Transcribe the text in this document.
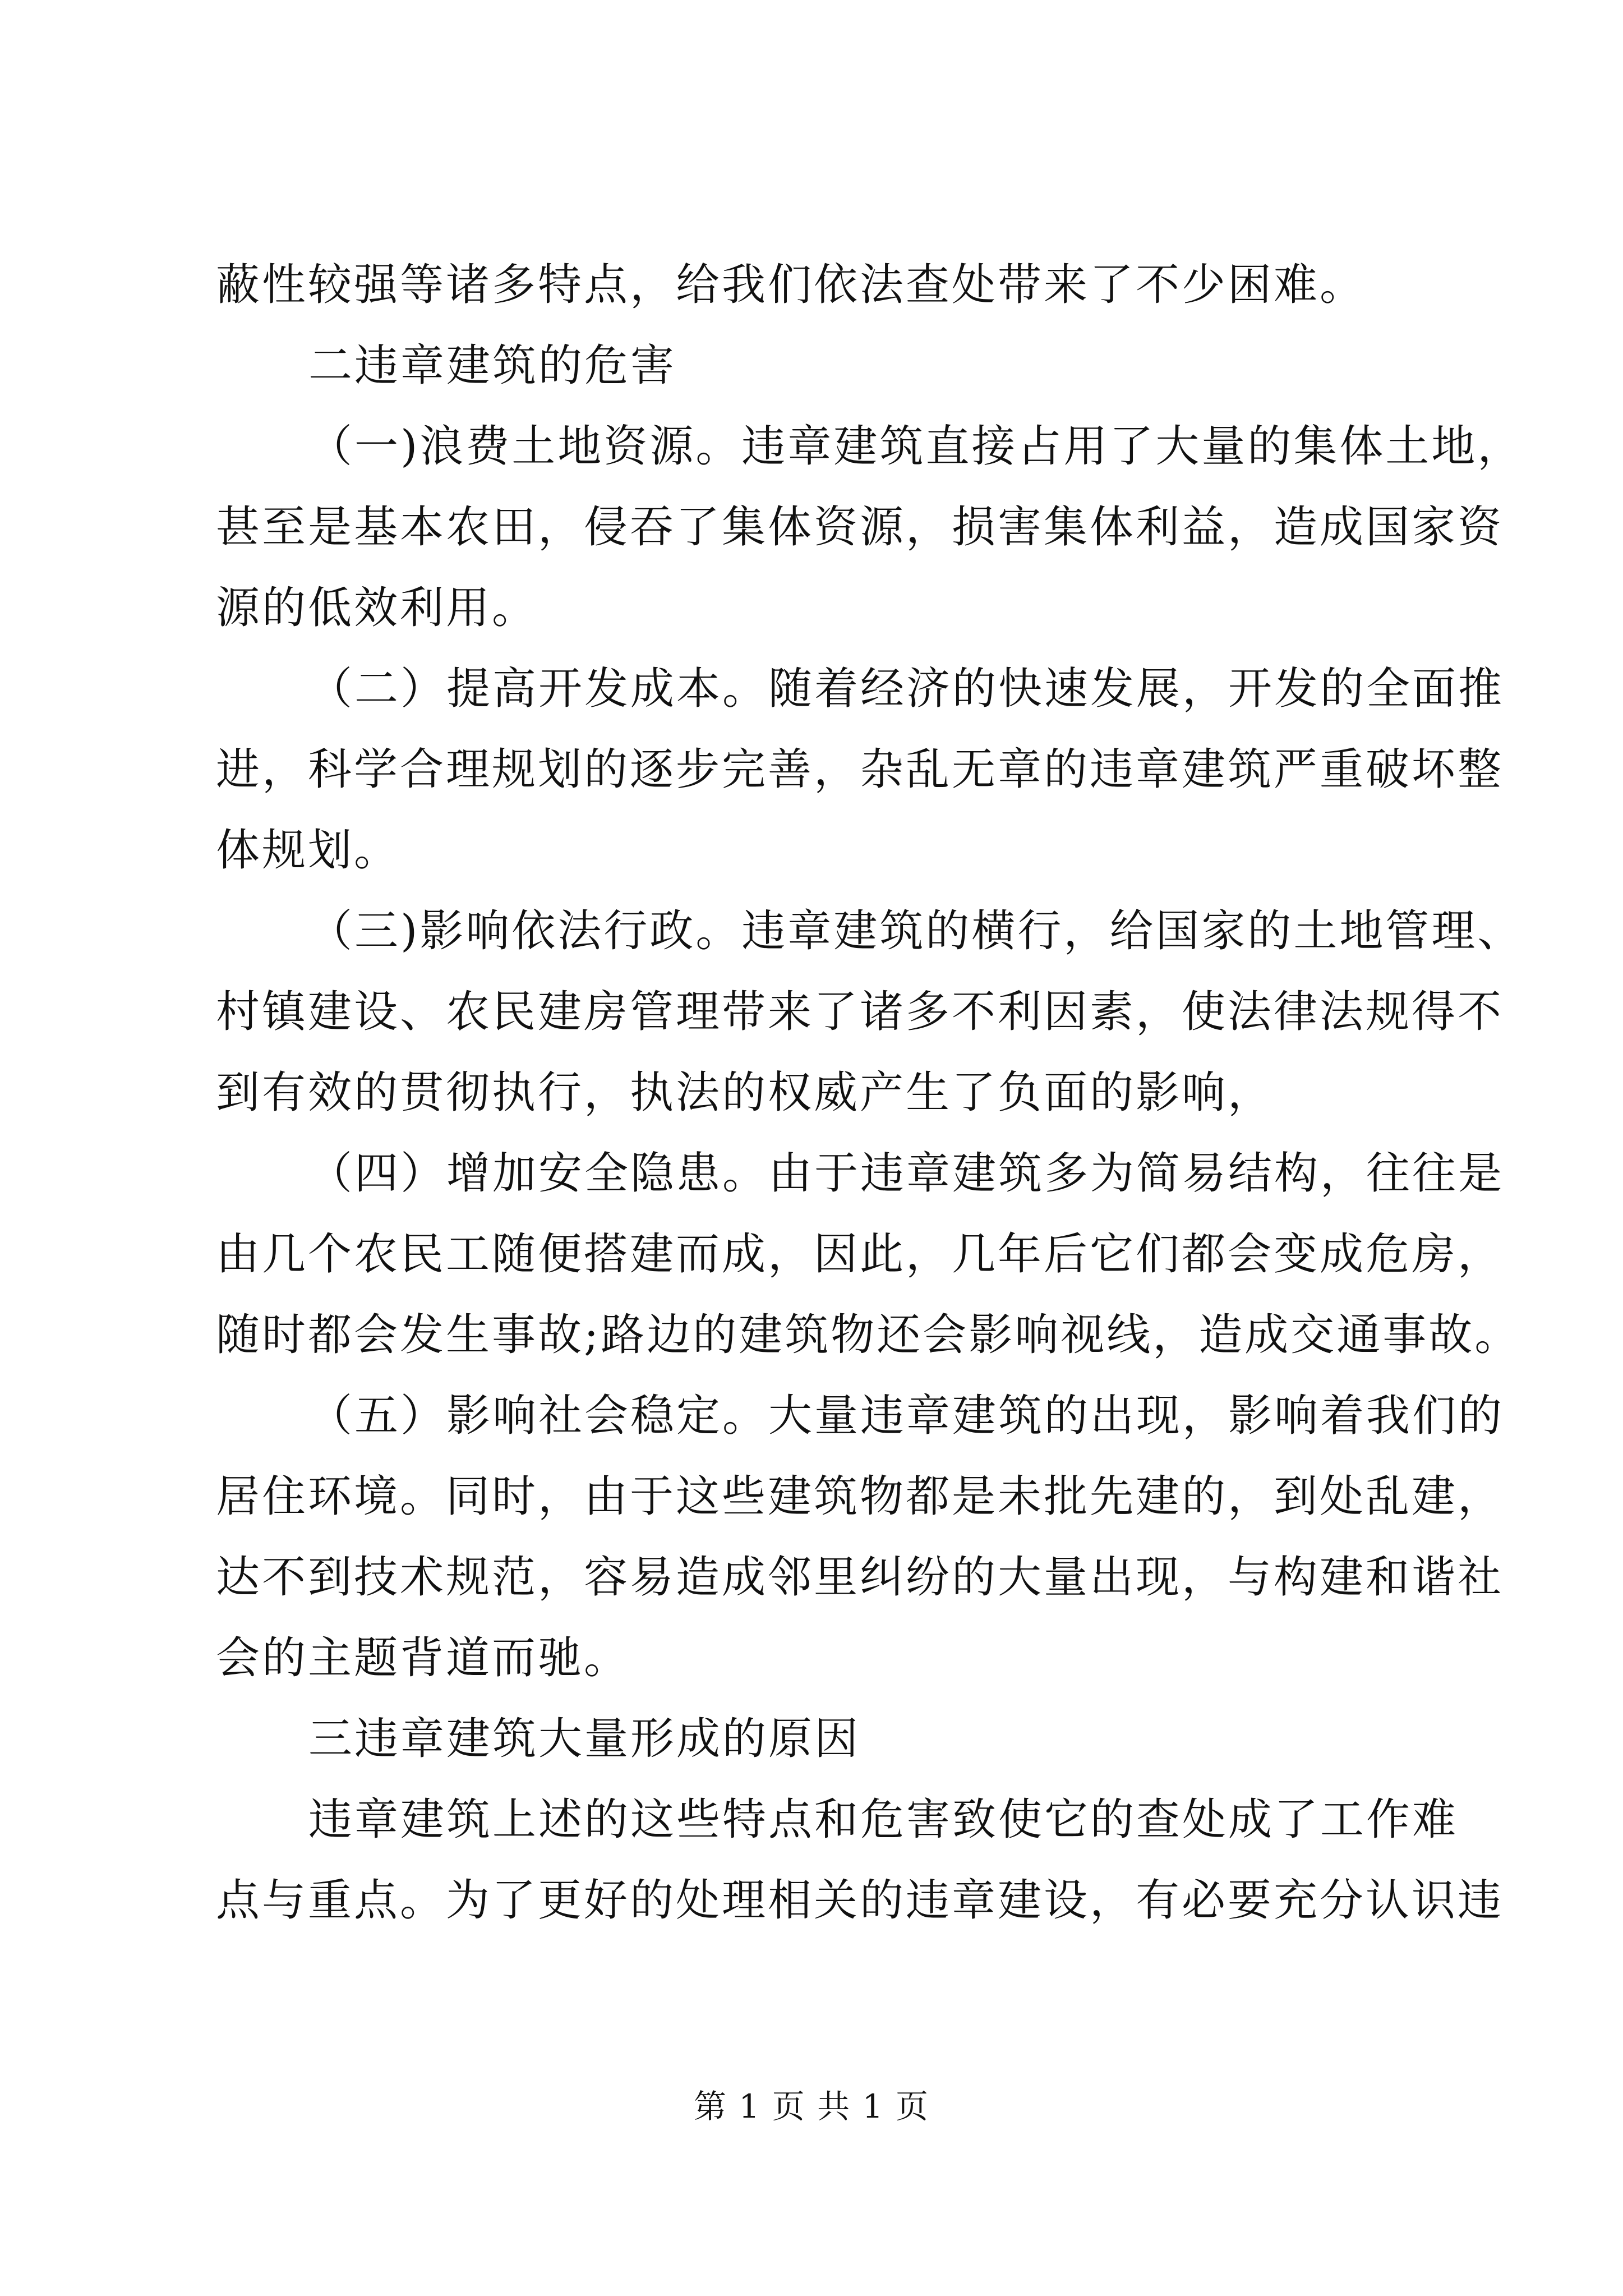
蔽性较强等诸多特点，给我们依法查处带来了不少困难。
二违章建筑的危害
（一)浪费土地资源。违章建筑直接占用了大量的集体土地，
甚至是基本农田，侵吞了集体资源，损害集体利益，造成国家资
源的低效利用。
（二）提高开发成本。随着经济的快速发展，开发的全面推
进，科学合理规划的逐步完善，杂乱无章的违章建筑严重破坏整
体规划。
（三)影响依法行政。违章建筑的横行，给国家的土地管理、
村镇建设、农民建房管理带来了诸多不利因素，使法律法规得不
到有效的贯彻执行，执法的权威产生了负面的影响，
（四）增加安全隐患。由于违章建筑多为简易结构，往往是
由几个农民工随便搭建而成，因此，几年后它们都会变成危房，
随时都会发生事故;路边的建筑物还会影响视线，造成交通事故。
（五）影响社会稳定。大量违章建筑的出现，影响着我们的
居住环境。同时，由于这些建筑物都是未批先建的，到处乱建，
达不到技术规范，容易造成邻里纠纷的大量出现，与构建和谐社
会的主题背道而驰。
三违章建筑大量形成的原因
违章建筑上述的这些特点和危害致使它的查处成了工作难
点与重点。为了更好的处理相关的违章建设，有必要充分认识违
第 1 页 共 1 页
